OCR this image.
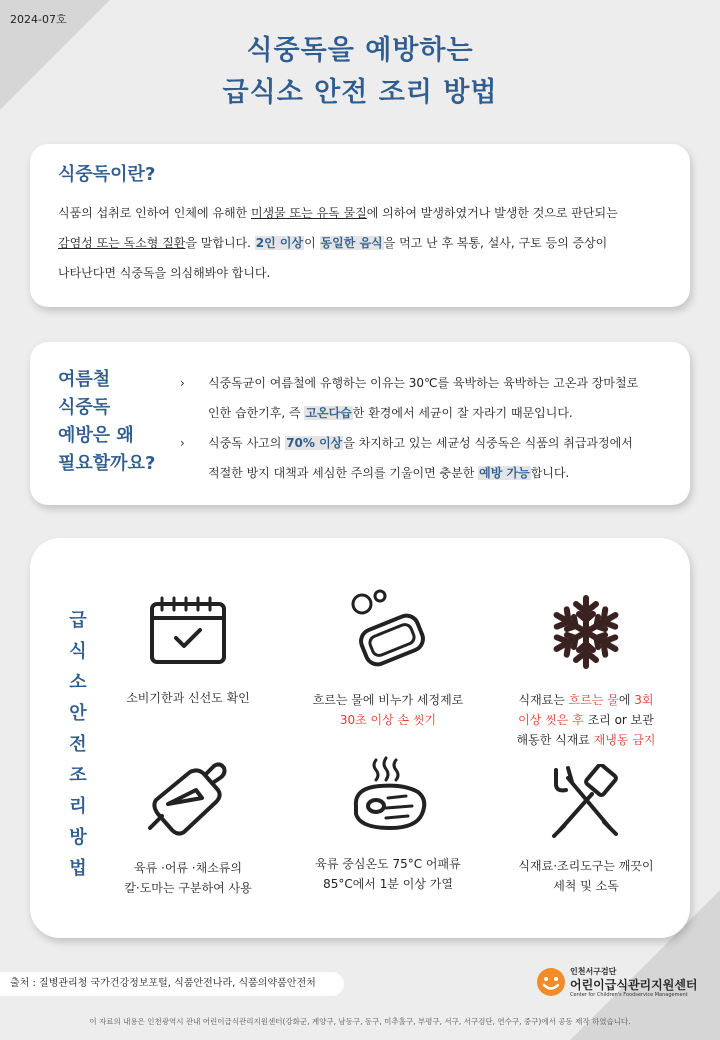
2024-07호
식중독을 예방하는
급식소 안전 조리 방법
식중독이란?
식품의 섭취로 인하여 인체에 유해한 미생물 또는 유독 물질에 의하여 발생하였거나 발생한 것으로 판단되는
감염성 또는 독소형 질환을 말합니다. 2인 이상이 동일한 음식을 먹고 난 후 복통, 설사, 구토 등의 증상이
나타난다면 식중독을 의심해봐야 합니다.
여름철
식중독
예방은 왜
필요할까요?
› 식중독균이 여름철에 유행하는 이유는 30℃를 육박하는 육박하는 고온과 장마철로
인한 습한기후, 즉 고온다습한 환경에서 세균이 잘 자라기 때문입니다.
› 식중독 사고의 70% 이상을 차지하고 있는 세균성 식중독은 식품의 취급과정에서
적절한 방지 대책과 세심한 주의를 기울이면 충분한 예방 가능합니다.
급
식
소
안
전
조
리
방
법
소비기한과 신선도 확인	흐르는 물에 비누가 세정제로
30초 이상 손 씻기
식재료는 흐르는 물에 3회
이상 씻은 후 조리 or 보관
해동한 식재료 재냉동 금지
육류 ·어류 ·채소류의
칼·도마는 구분하여 사용
육류 중심온도 75°C 어패류
85°C에서 1분 이상 가열
식재료·조리도구는 깨끗이
세척 및 소독
출처 : 질병관리청 국가건강정보포털, 식품안전나라, 식품의약품안전처
인천서구검단
어린이급식관리지원센터
Center for Children's Foodservice Management
이 자료의 내용은 인천광역시 관내 어린이급식관리지원센터(강화군, 계양구, 남동구, 동구, 미추홀구, 부평구, 서구, 서구검단, 연수구, 중구)에서 공동 제작 하였습니다.
